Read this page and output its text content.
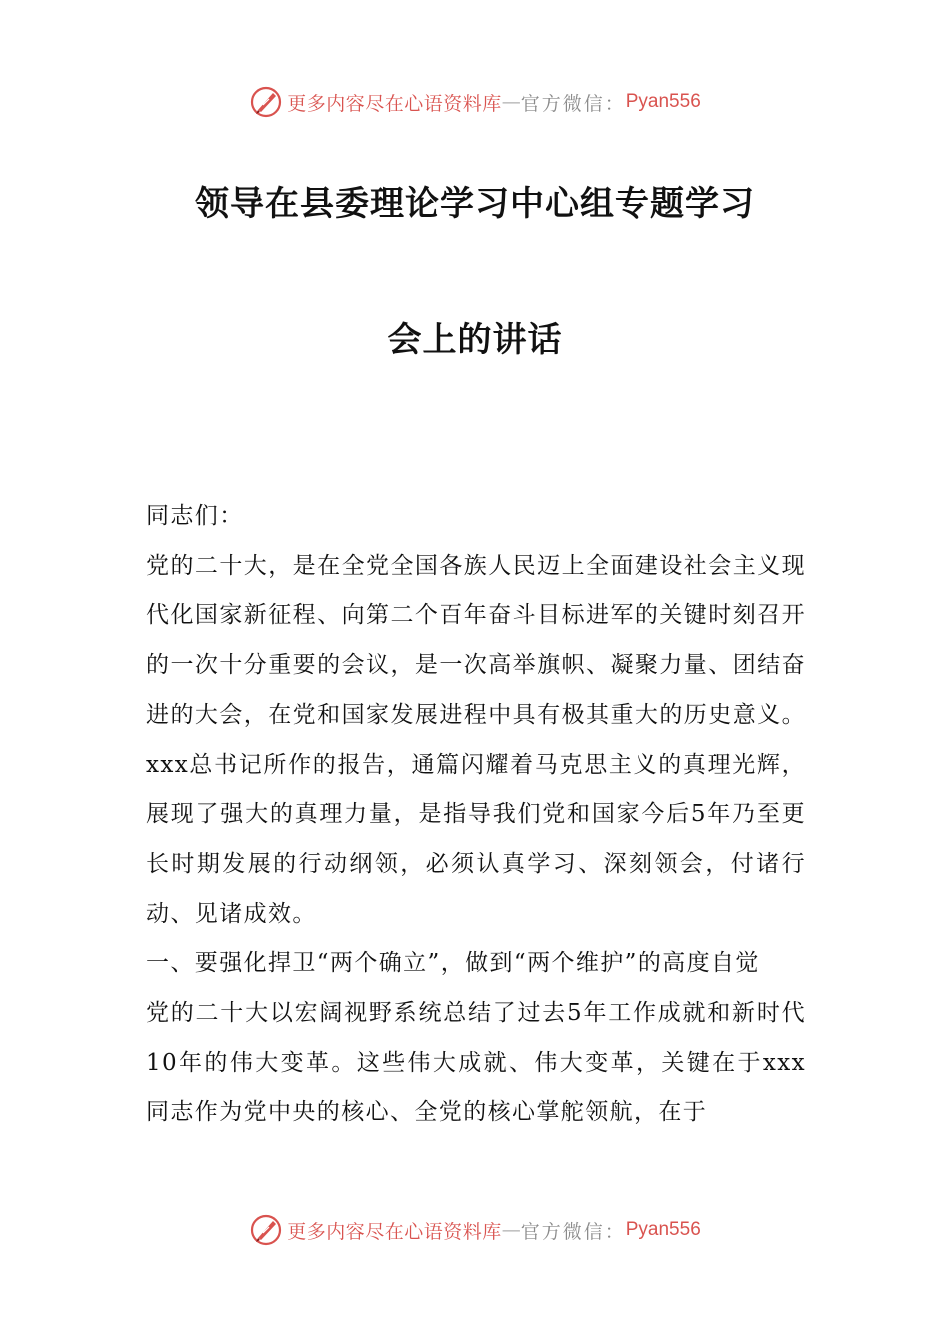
更多内容尽在心语资料库 — 官方微信： Pyan556
领导在县委理论学习中心组专题学习
会上的讲话

同志们：

党的二十大，是在全党全国各族人民迈上全面建设社会主义现代化国家新征程、向第二个百年奋斗目标进军的关键时刻召开的一次十分重要的会议，是一次高举旗帜、凝聚力量、团结奋进的大会，在党和国家发展进程中具有极其重大的历史意义。xxx总书记所作的报告，通篇闪耀着马克思主义的真理光辉，展现了强大的真理力量，是指导我们党和国家今后5年乃至更长时期发展的行动纲领，必须认真学习、深刻领会，付诸行动、见诸成效。

一、要强化捍卫“两个确立”，做到“两个维护”的高度自觉

党的二十大以宏阔视野系统总结了过去5年工作成就和新时代10年的伟大变革。这些伟大成就、伟大变革，关键在于xxx同志作为党中央的核心、全党的核心掌舵领航，在于

更多内容尽在心语资料库 — 官方微信： Pyan556
